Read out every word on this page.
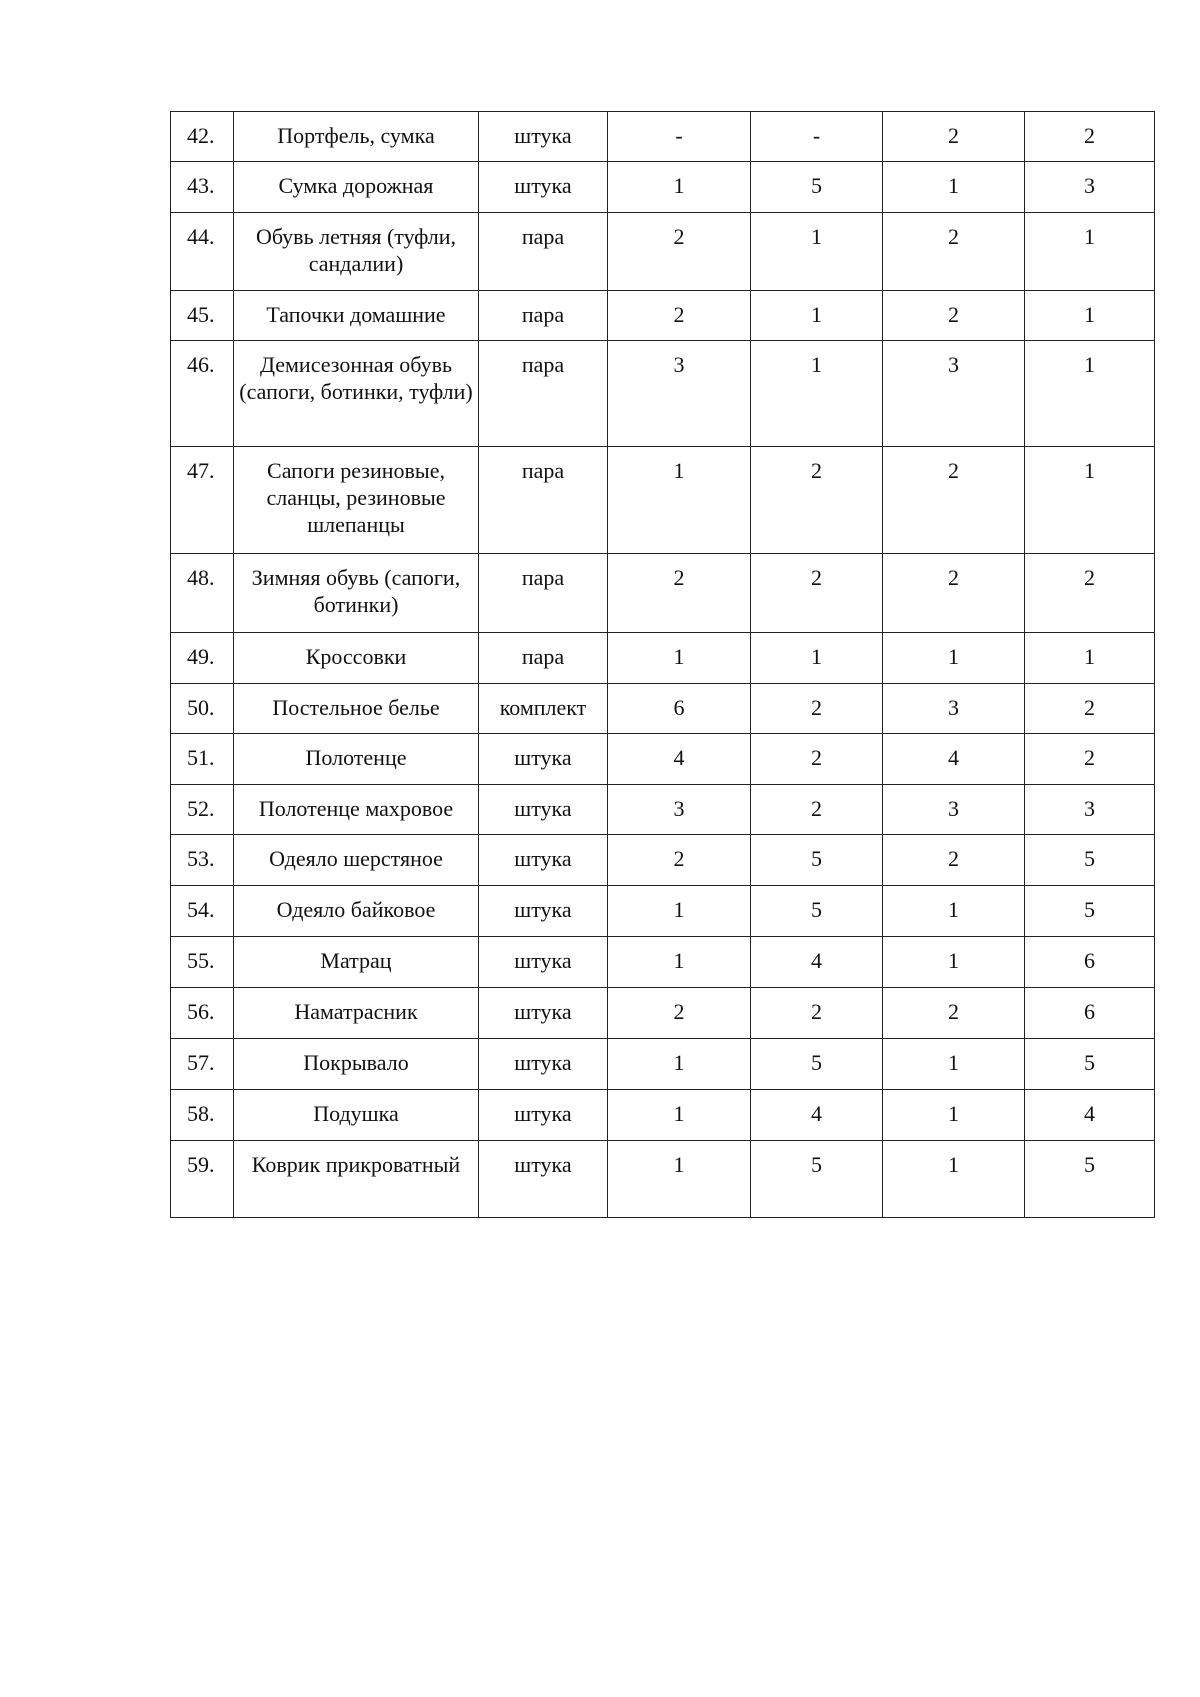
42.	Портфель, сумка	штука	-	-	2	2
43.	Сумка дорожная	штука	1	5	1	3
44.	Обувь летняя (туфли, сандалии)	пара	2	1	2	1
45.	Тапочки домашние	пара	2	1	2	1
46.	Демисезонная обувь (сапоги, ботинки, туфли)	пара	3	1	3	1
47.	Сапоги резиновые, сланцы, резиновые шлепанцы	пара	1	2	2	1
48.	Зимняя обувь (сапоги, ботинки)	пара	2	2	2	2
49.	Кроссовки	пара	1	1	1	1
50.	Постельное белье	комплект	6	2	3	2
51.	Полотенце	штука	4	2	4	2
52.	Полотенце махровое	штука	3	2	3	3
53.	Одеяло шерстяное	штука	2	5	2	5
54.	Одеяло байковое	штука	1	5	1	5
55.	Матрац	штука	1	4	1	6
56.	Наматрасник	штука	2	2	2	6
57.	Покрывало	штука	1	5	1	5
58.	Подушка	штука	1	4	1	4
59.	Коврик прикроватный	штука	1	5	1	5
